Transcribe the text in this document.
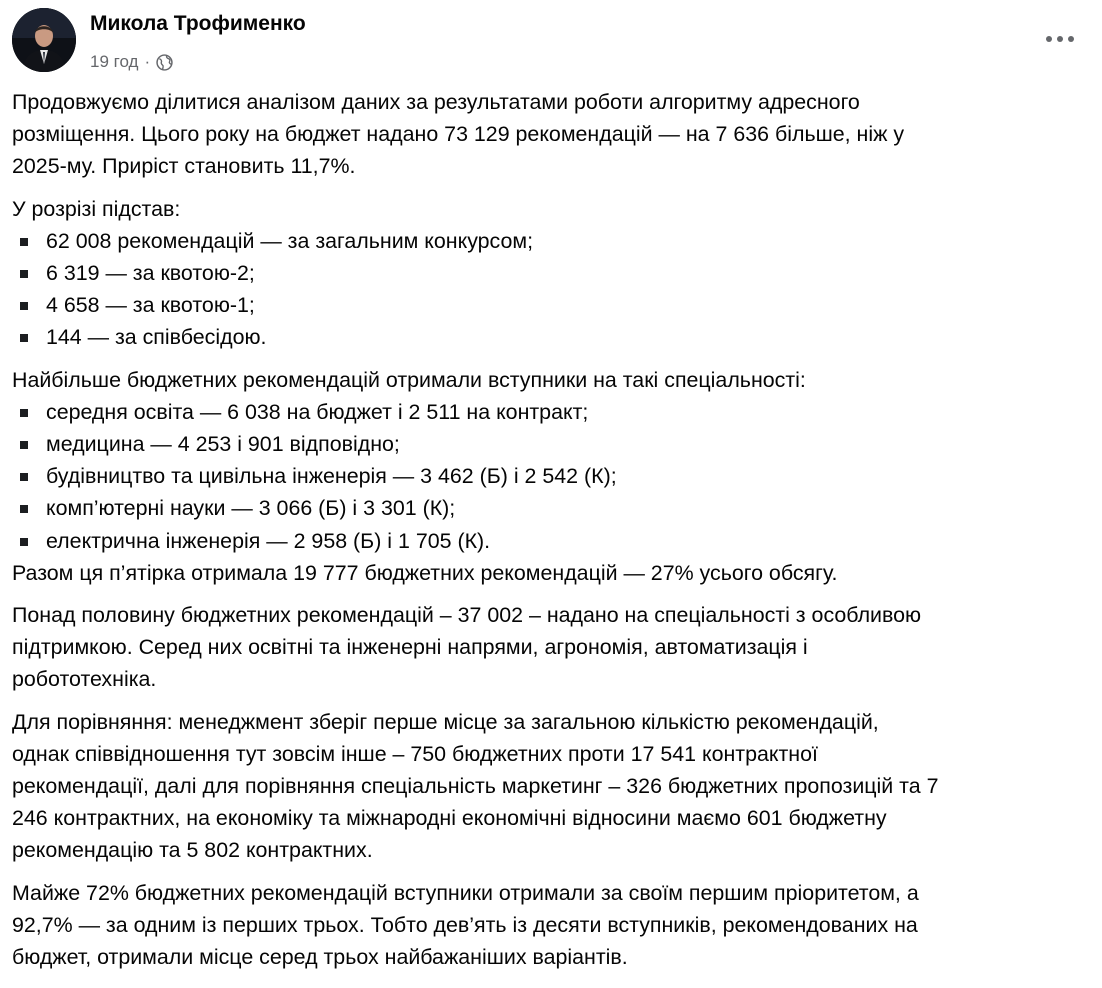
Микола Трофименко
19 год ·

Продовжуємо ділитися аналізом даних за результатами роботи алгоритму адресного
розміщення. Цього року на бюджет надано 73 129 рекомендацій — на 7 636 більше, ніж у
2025-му. Приріст становить 11,7%.

У розрізі підстав:
62 008 рекомендацій — за загальним конкурсом;
6 319 — за квотою-2;
4 658 — за квотою-1;
144 — за співбесідою.
Найбільше бюджетних рекомендацій отримали вступники на такі спеціальності:
середня освіта — 6 038 на бюджет і 2 511 на контракт;
медицина — 4 253 і 901 відповідно;
будівництво та цивільна інженерія — 3 462 (Б) і 2 542 (К);
комп’ютерні науки — 3 066 (Б) і 3 301 (К);
електрична інженерія — 2 958 (Б) і 1 705 (К).
Разом ця п’ятірка отримала 19 777 бюджетних рекомендацій — 27% усього обсягу.

Понад половину бюджетних рекомендацій – 37 002 – надано на спеціальності з особливою
підтримкою. Серед них освітні та інженерні напрями, агрономія, автоматизація і
робототехніка.

Для порівняння: менеджмент зберіг перше місце за загальною кількістю рекомендацій,
однак співвідношення тут зовсім інше – 750 бюджетних проти 17 541 контрактної
рекомендації, далі для порівняння спеціальність маркетинг – 326 бюджетних пропозицій та 7
246 контрактних, на економіку та міжнародні економічні відносини маємо 601 бюджетну
рекомендацію та 5 802 контрактних.

Майже 72% бюджетних рекомендацій вступники отримали за своїм першим пріоритетом, а
92,7% — за одним із перших трьох. Тобто дев’ять із десяти вступників, рекомендованих на
бюджет, отримали місце серед трьох найбажаніших варіантів.
